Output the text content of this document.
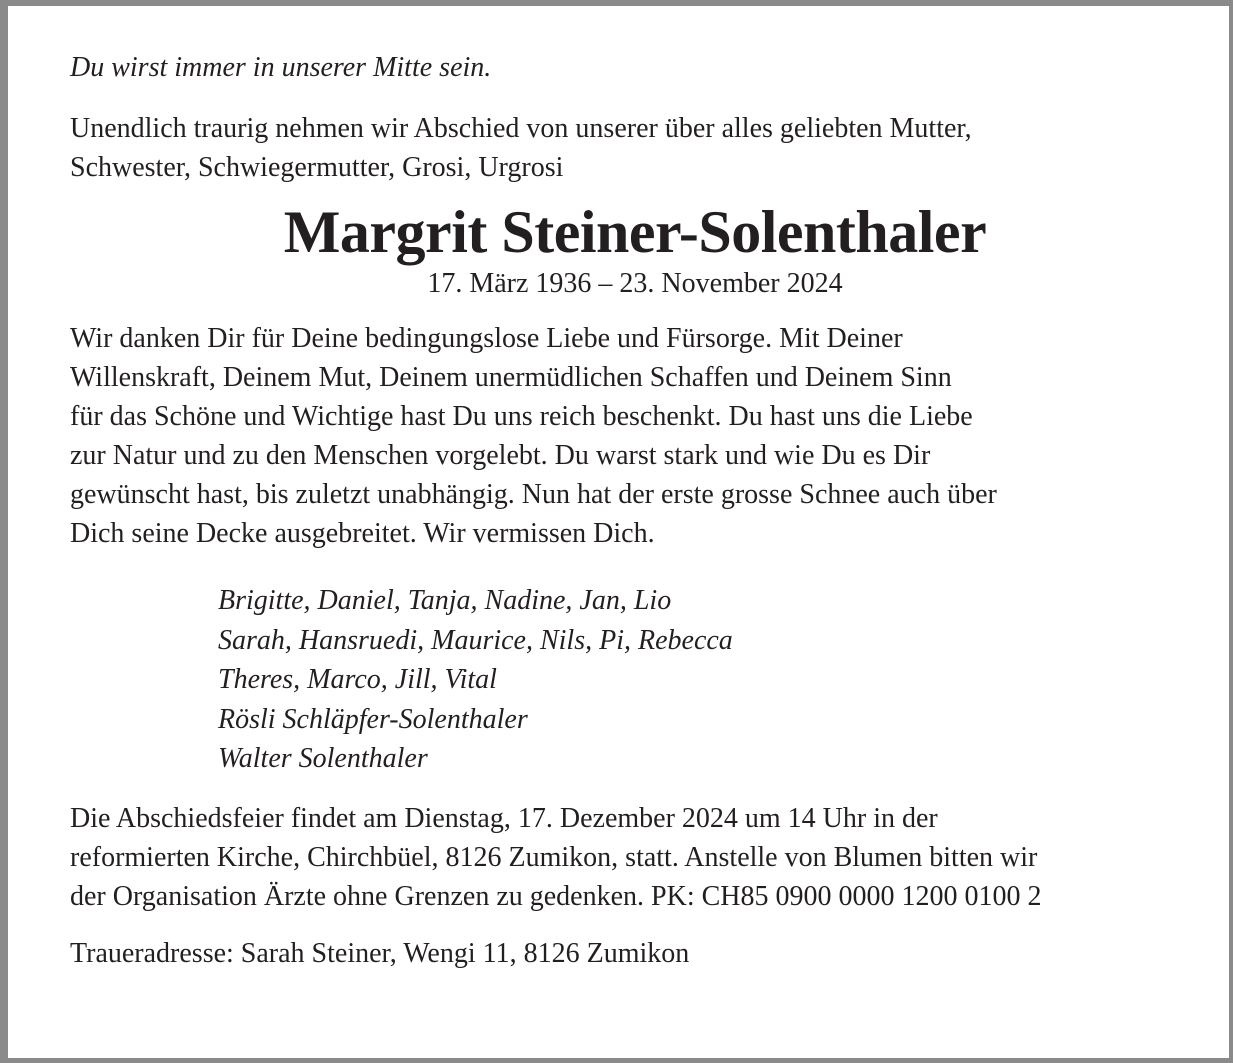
Du wirst immer in unserer Mitte sein.

Unendlich traurig nehmen wir Abschied von unserer über alles geliebten Mutter,
Schwester, Schwiegermutter, Grosi, Urgrosi

Margrit Steiner-Solenthaler

17. März 1936 – 23. November 2024

Wir danken Dir für Deine bedingungslose Liebe und Fürsorge. Mit Deiner
Willenskraft, Deinem Mut, Deinem unermüdlichen Schaffen und Deinem Sinn
für das Schöne und Wichtige hast Du uns reich beschenkt. Du hast uns die Liebe
zur Natur und zu den Menschen vorgelebt. Du warst stark und wie Du es Dir
gewünscht hast, bis zuletzt unabhängig. Nun hat der erste grosse Schnee auch über
Dich seine Decke ausgebreitet. Wir vermissen Dich.

Brigitte, Daniel, Tanja, Nadine, Jan, Lio
Sarah, Hansruedi, Maurice, Nils, Pi, Rebecca
Theres, Marco, Jill, Vital
Rösli Schläpfer-Solenthaler
Walter Solenthaler

Die Abschiedsfeier findet am Dienstag, 17. Dezember 2024 um 14 Uhr in der
reformierten Kirche, Chirchbüel, 8126 Zumikon, statt. Anstelle von Blumen bitten wir
der Organisation Ärzte ohne Grenzen zu gedenken. PK: CH85 0900 0000 1200 0100 2

Traueradresse: Sarah Steiner, Wengi 11, 8126 Zumikon
